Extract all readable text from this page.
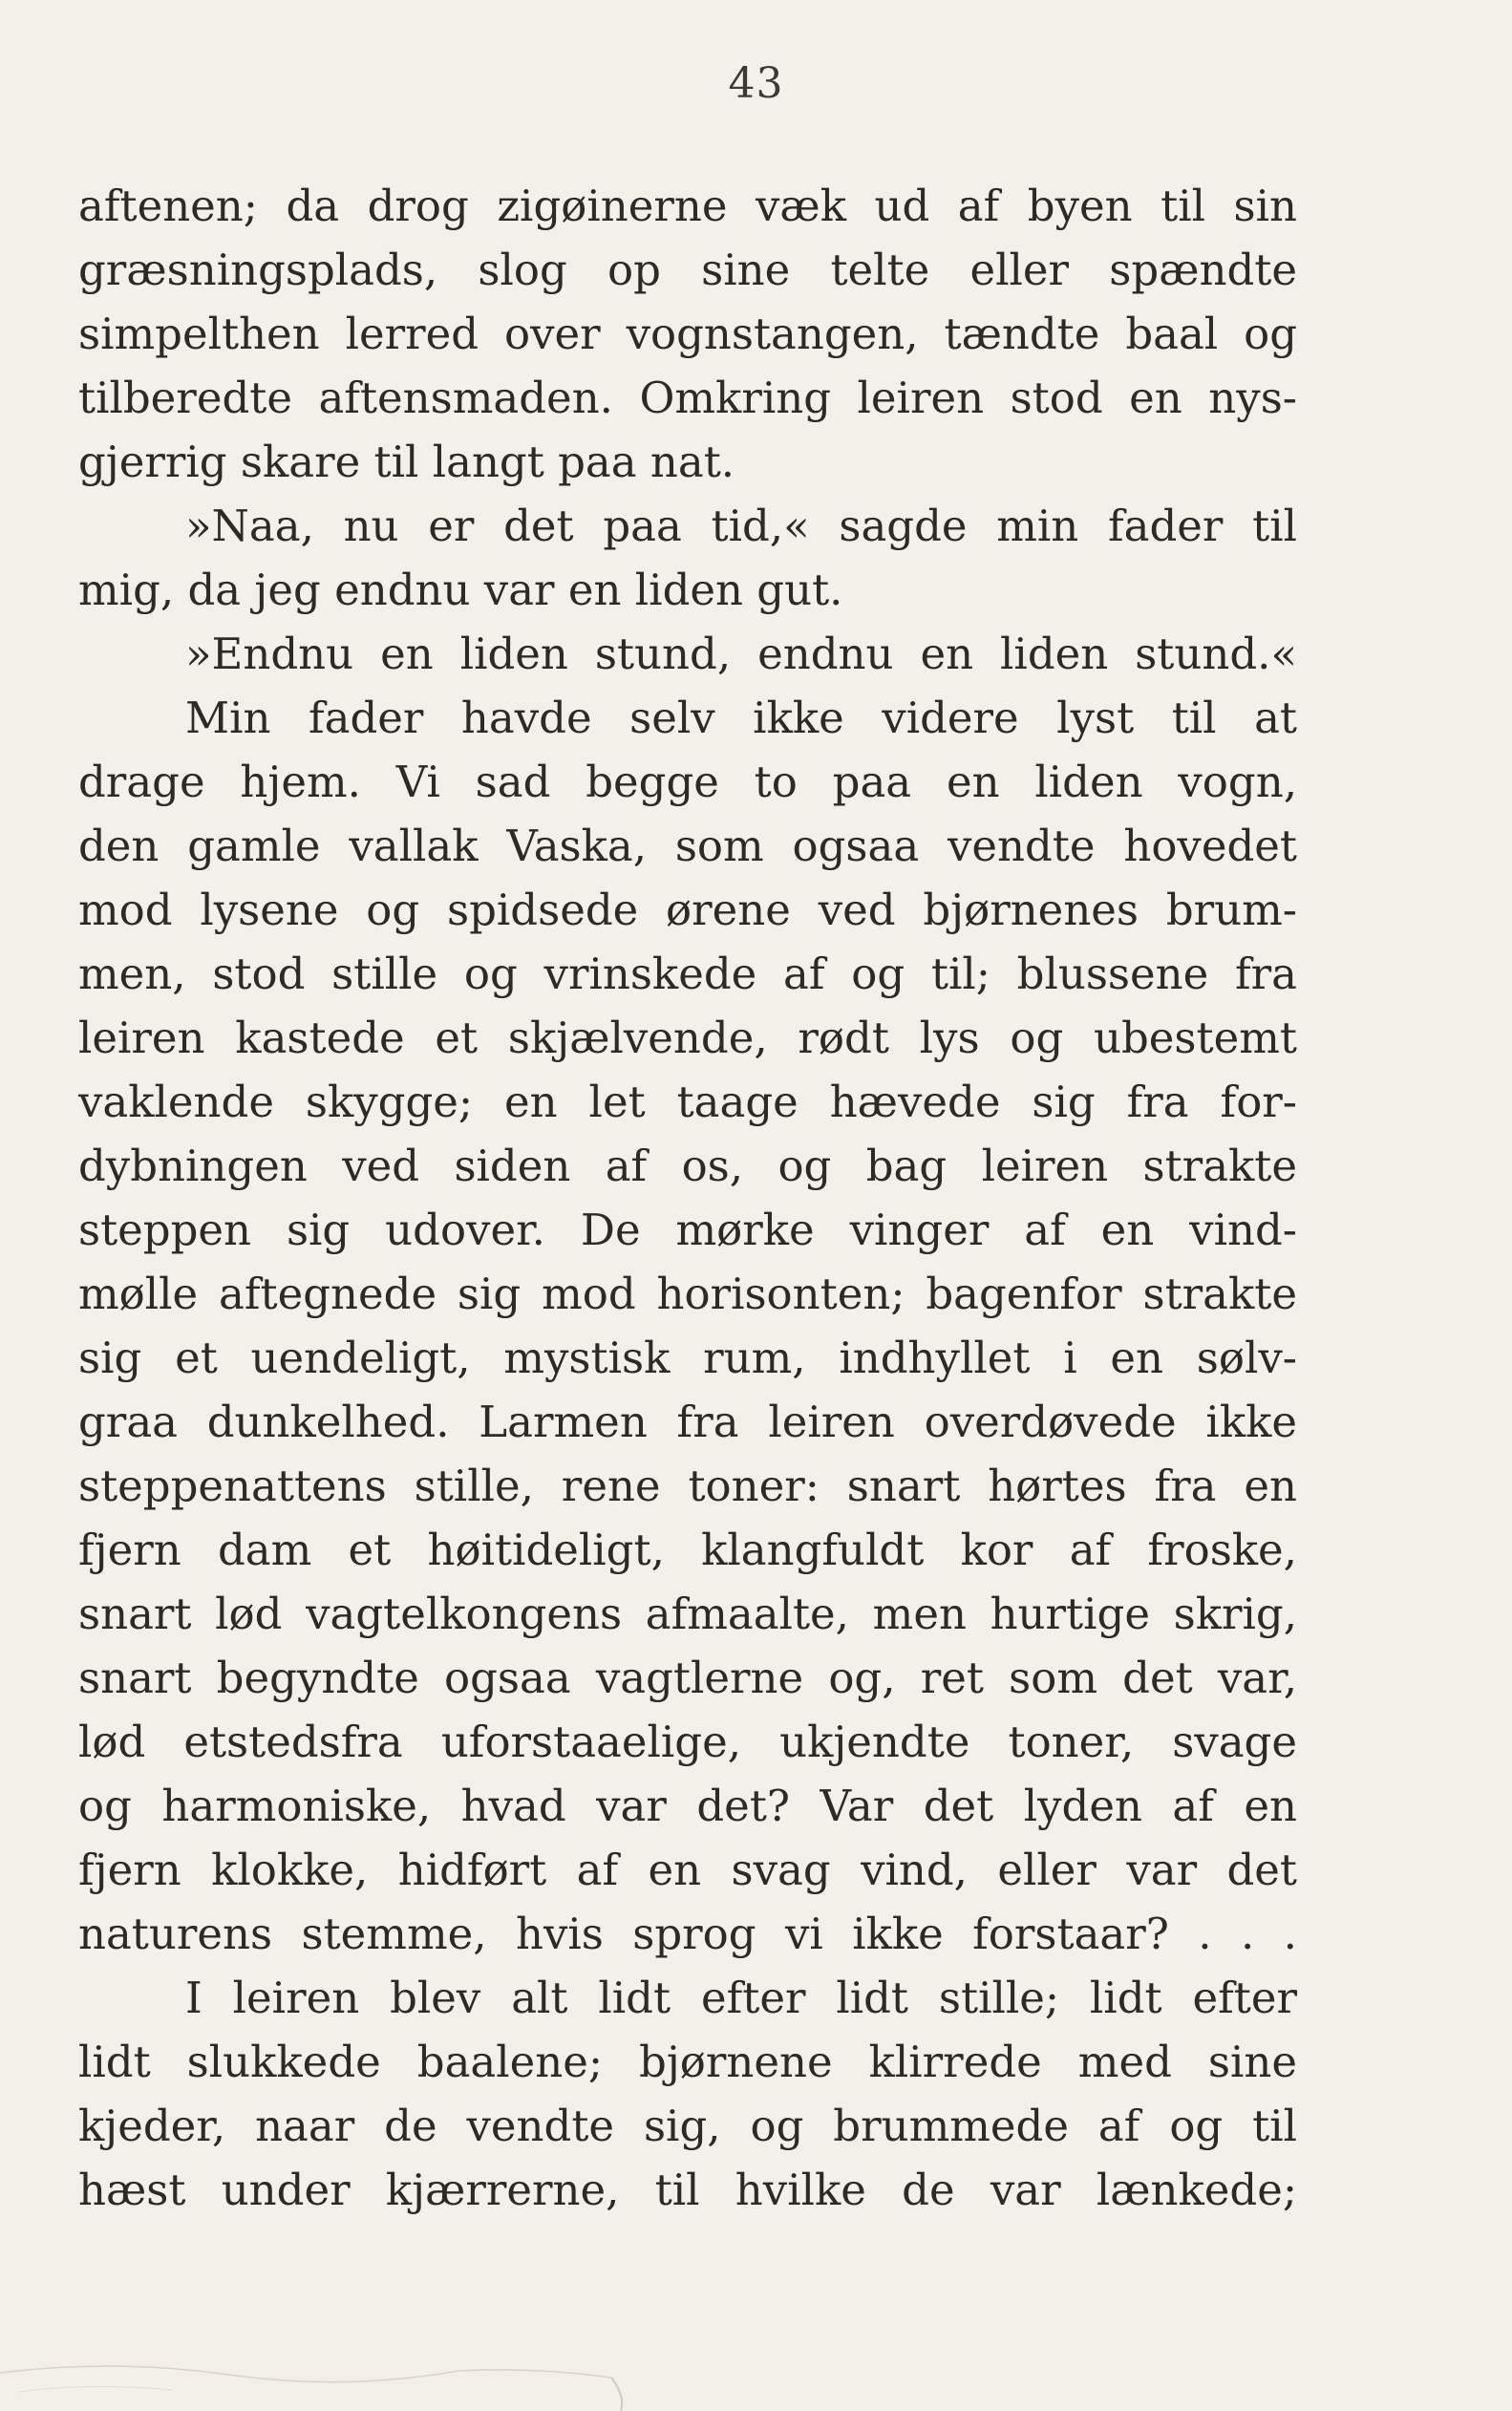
43
aftenen; da drog zigøinerne væk ud af byen til sin
græsningsplads, slog op sine telte eller spændte
simpelthen lerred over vognstangen, tændte baal og
tilberedte aftensmaden. Omkring leiren stod en nys-
gjerrig skare til langt paa nat.
»Naa, nu er det paa tid,« sagde min fader til
mig, da jeg endnu var en liden gut.
»Endnu en liden stund, endnu en liden stund.«
Min fader havde selv ikke videre lyst til at
drage hjem. Vi sad begge to paa en liden vogn,
den gamle vallak Vaska, som ogsaa vendte hovedet
mod lysene og spidsede ørene ved bjørnenes brum-
men, stod stille og vrinskede af og til; blussene fra
leiren kastede et skjælvende, rødt lys og ubestemt
vaklende skygge; en let taage hævede sig fra for-
dybningen ved siden af os, og bag leiren strakte
steppen sig udover. De mørke vinger af en vind-
mølle aftegnede sig mod horisonten; bagenfor strakte
sig et uendeligt, mystisk rum, indhyllet i en sølv-
graa dunkelhed. Larmen fra leiren overdøvede ikke
steppenattens stille, rene toner: snart hørtes fra en
fjern dam et høitideligt, klangfuldt kor af froske,
snart lød vagtelkongens afmaalte, men hurtige skrig,
snart begyndte ogsaa vagtlerne og, ret som det var,
lød etstedsfra uforstaaelige, ukjendte toner, svage
og harmoniske, hvad var det? Var det lyden af en
fjern klokke, hidført af en svag vind, eller var det
naturens stemme, hvis sprog vi ikke forstaar? . . .
I leiren blev alt lidt efter lidt stille; lidt efter
lidt slukkede baalene; bjørnene klirrede med sine
kjeder, naar de vendte sig, og brummede af og til
hæst under kjærrerne, til hvilke de var lænkede;
